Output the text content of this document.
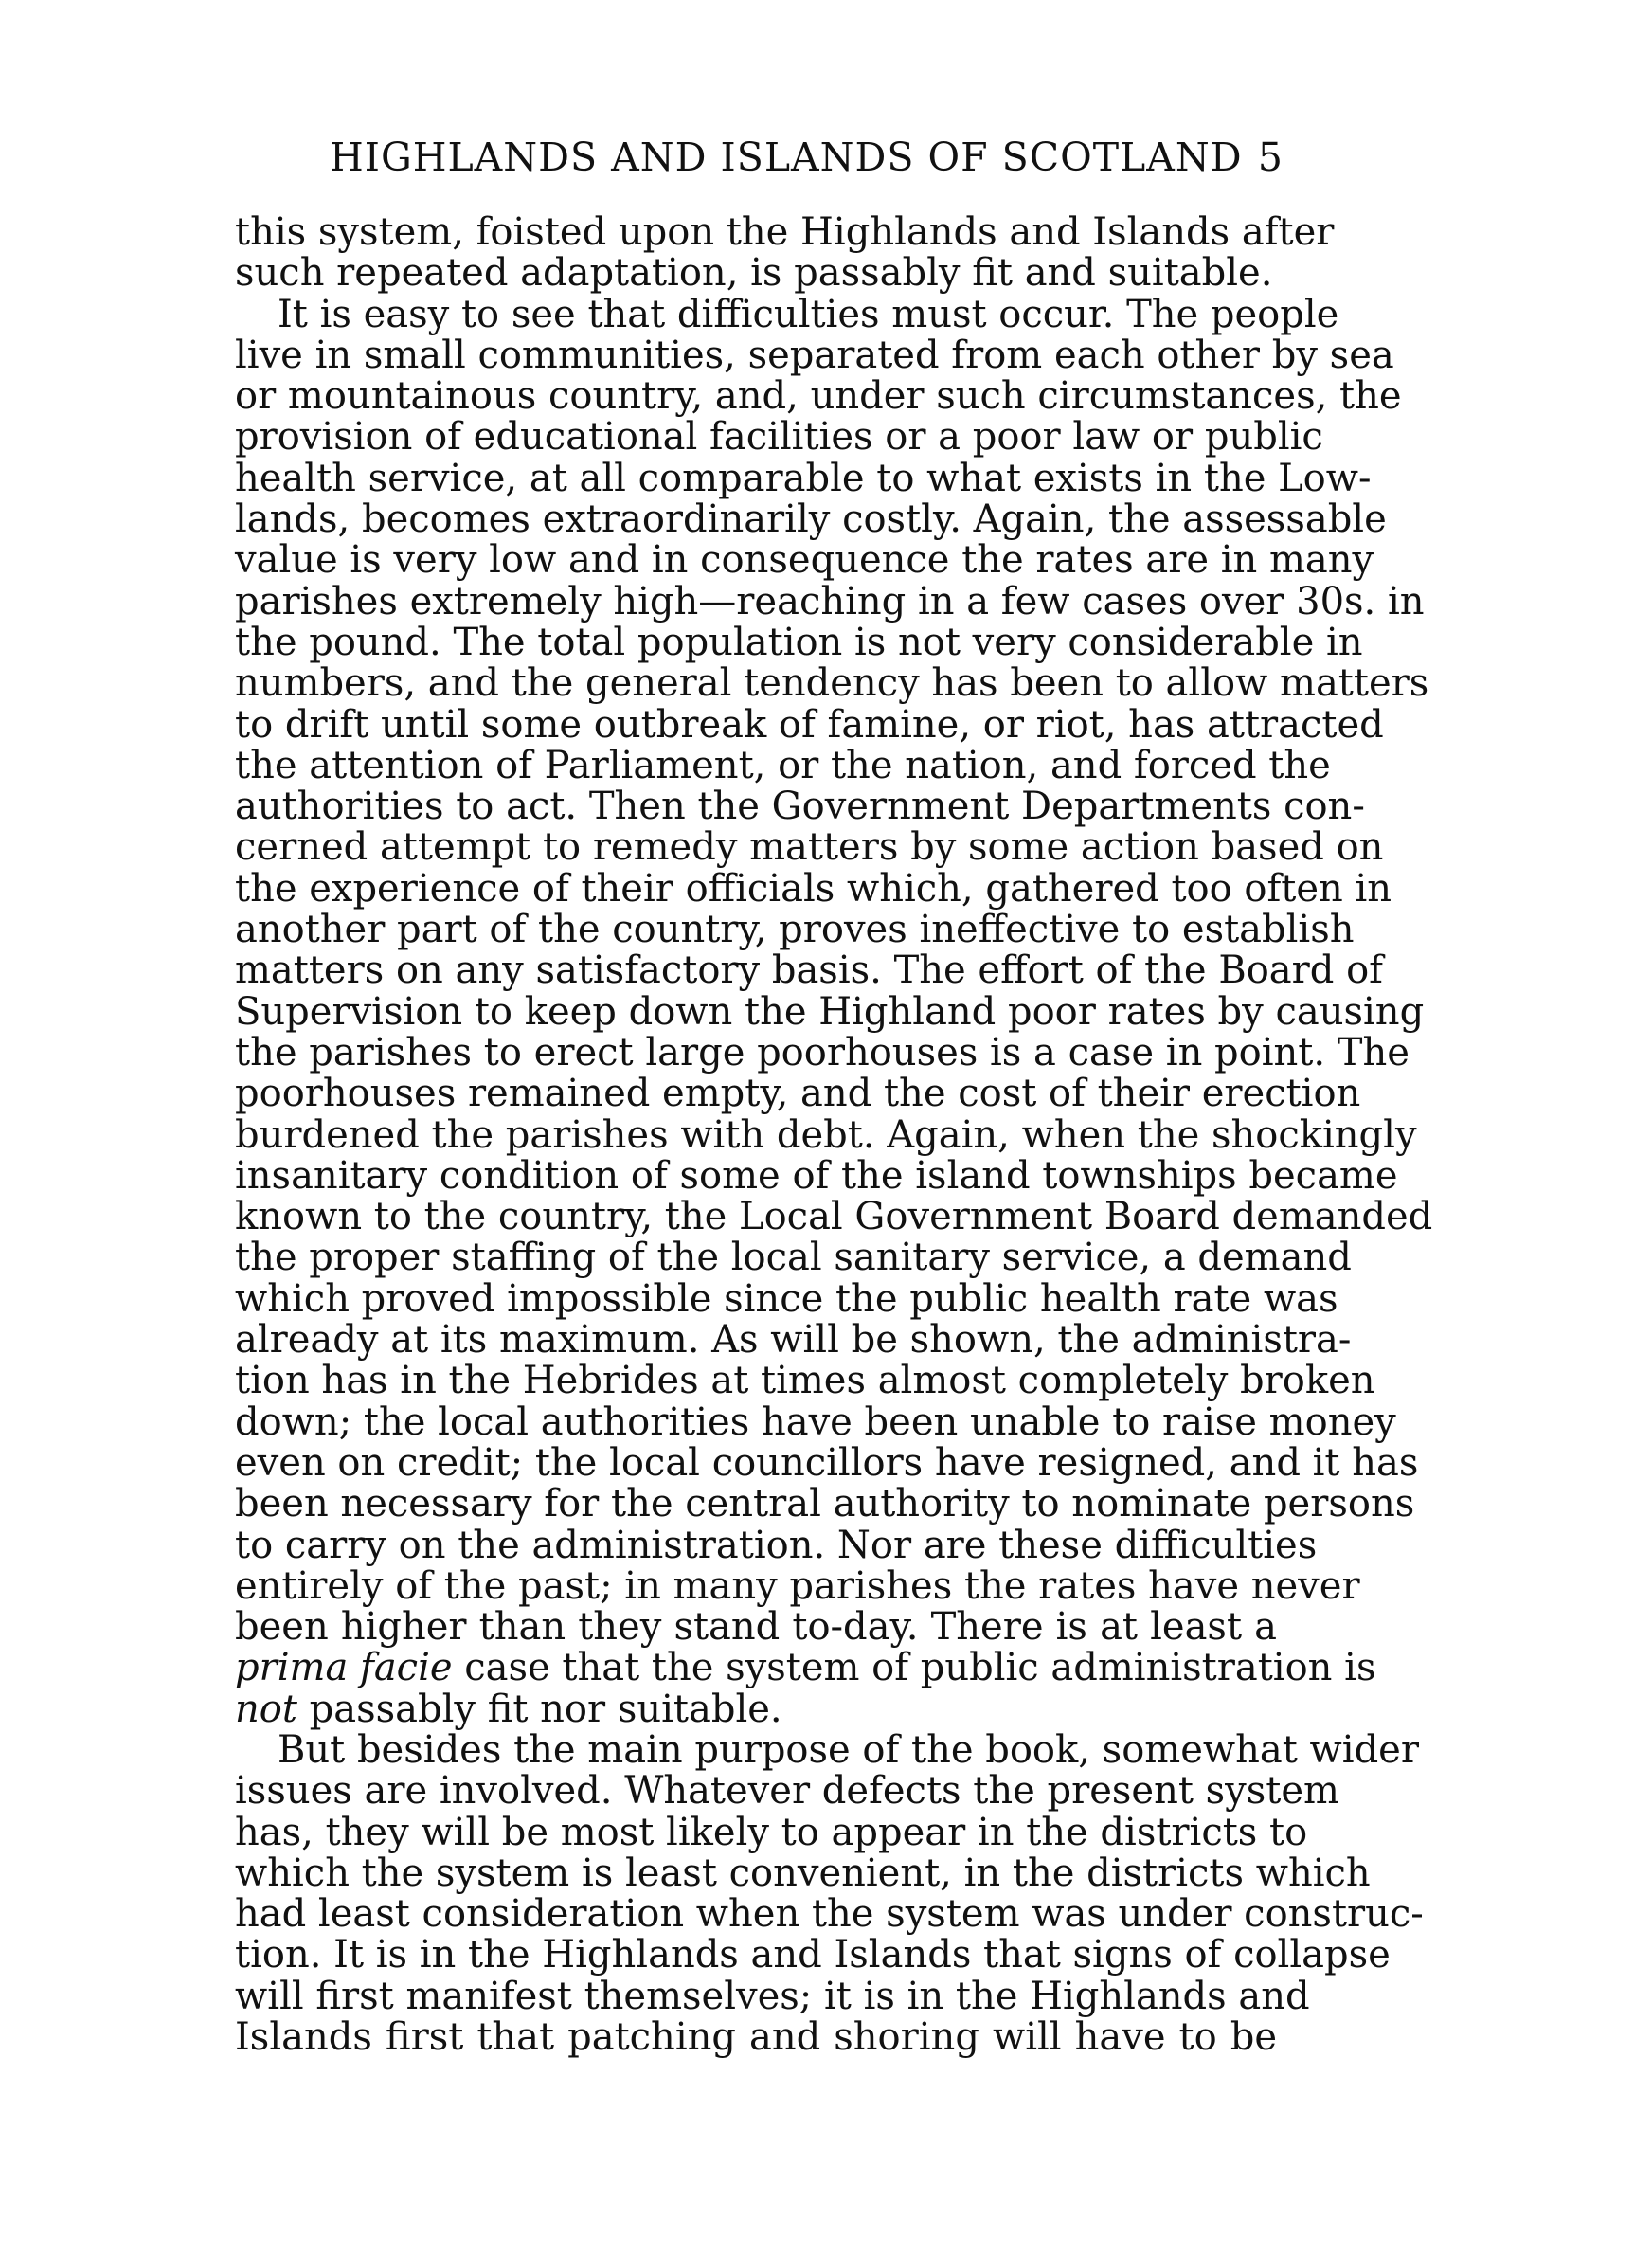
HIGHLANDS AND ISLANDS OF SCOTLAND 5
this system, foisted upon the Highlands and Islands after
such repeated adaptation, is passably fit and suitable.
It is easy to see that difficulties must occur. The people
live in small communities, separated from each other by sea
or mountainous country, and, under such circumstances, the
provision of educational facilities or a poor law or public
health service, at all comparable to what exists in the Low-
lands, becomes extraordinarily costly. Again, the assessable
value is very low and in consequence the rates are in many
parishes extremely high—reaching in a few cases over 30s. in
the pound. The total population is not very considerable in
numbers, and the general tendency has been to allow matters
to drift until some outbreak of famine, or riot, has attracted
the attention of Parliament, or the nation, and forced the
authorities to act. Then the Government Departments con-
cerned attempt to remedy matters by some action based on
the experience of their officials which, gathered too often in
another part of the country, proves ineffective to establish
matters on any satisfactory basis. The effort of the Board of
Supervision to keep down the Highland poor rates by causing
the parishes to erect large poorhouses is a case in point. The
poorhouses remained empty, and the cost of their erection
burdened the parishes with debt. Again, when the shockingly
insanitary condition of some of the island townships became
known to the country, the Local Government Board demanded
the proper staffing of the local sanitary service, a demand
which proved impossible since the public health rate was
already at its maximum. As will be shown, the administra-
tion has in the Hebrides at times almost completely broken
down; the local authorities have been unable to raise money
even on credit; the local councillors have resigned, and it has
been necessary for the central authority to nominate persons
to carry on the administration. Nor are these difficulties
entirely of the past; in many parishes the rates have never
been higher than they stand to-day. There is at least a
prima facie case that the system of public administration is
not passably fit nor suitable.
But besides the main purpose of the book, somewhat wider
issues are involved. Whatever defects the present system
has, they will be most likely to appear in the districts to
which the system is least convenient, in the districts which
had least consideration when the system was under construc-
tion. It is in the Highlands and Islands that signs of collapse
will first manifest themselves; it is in the Highlands and
Islands first that patching and shoring will have to be
